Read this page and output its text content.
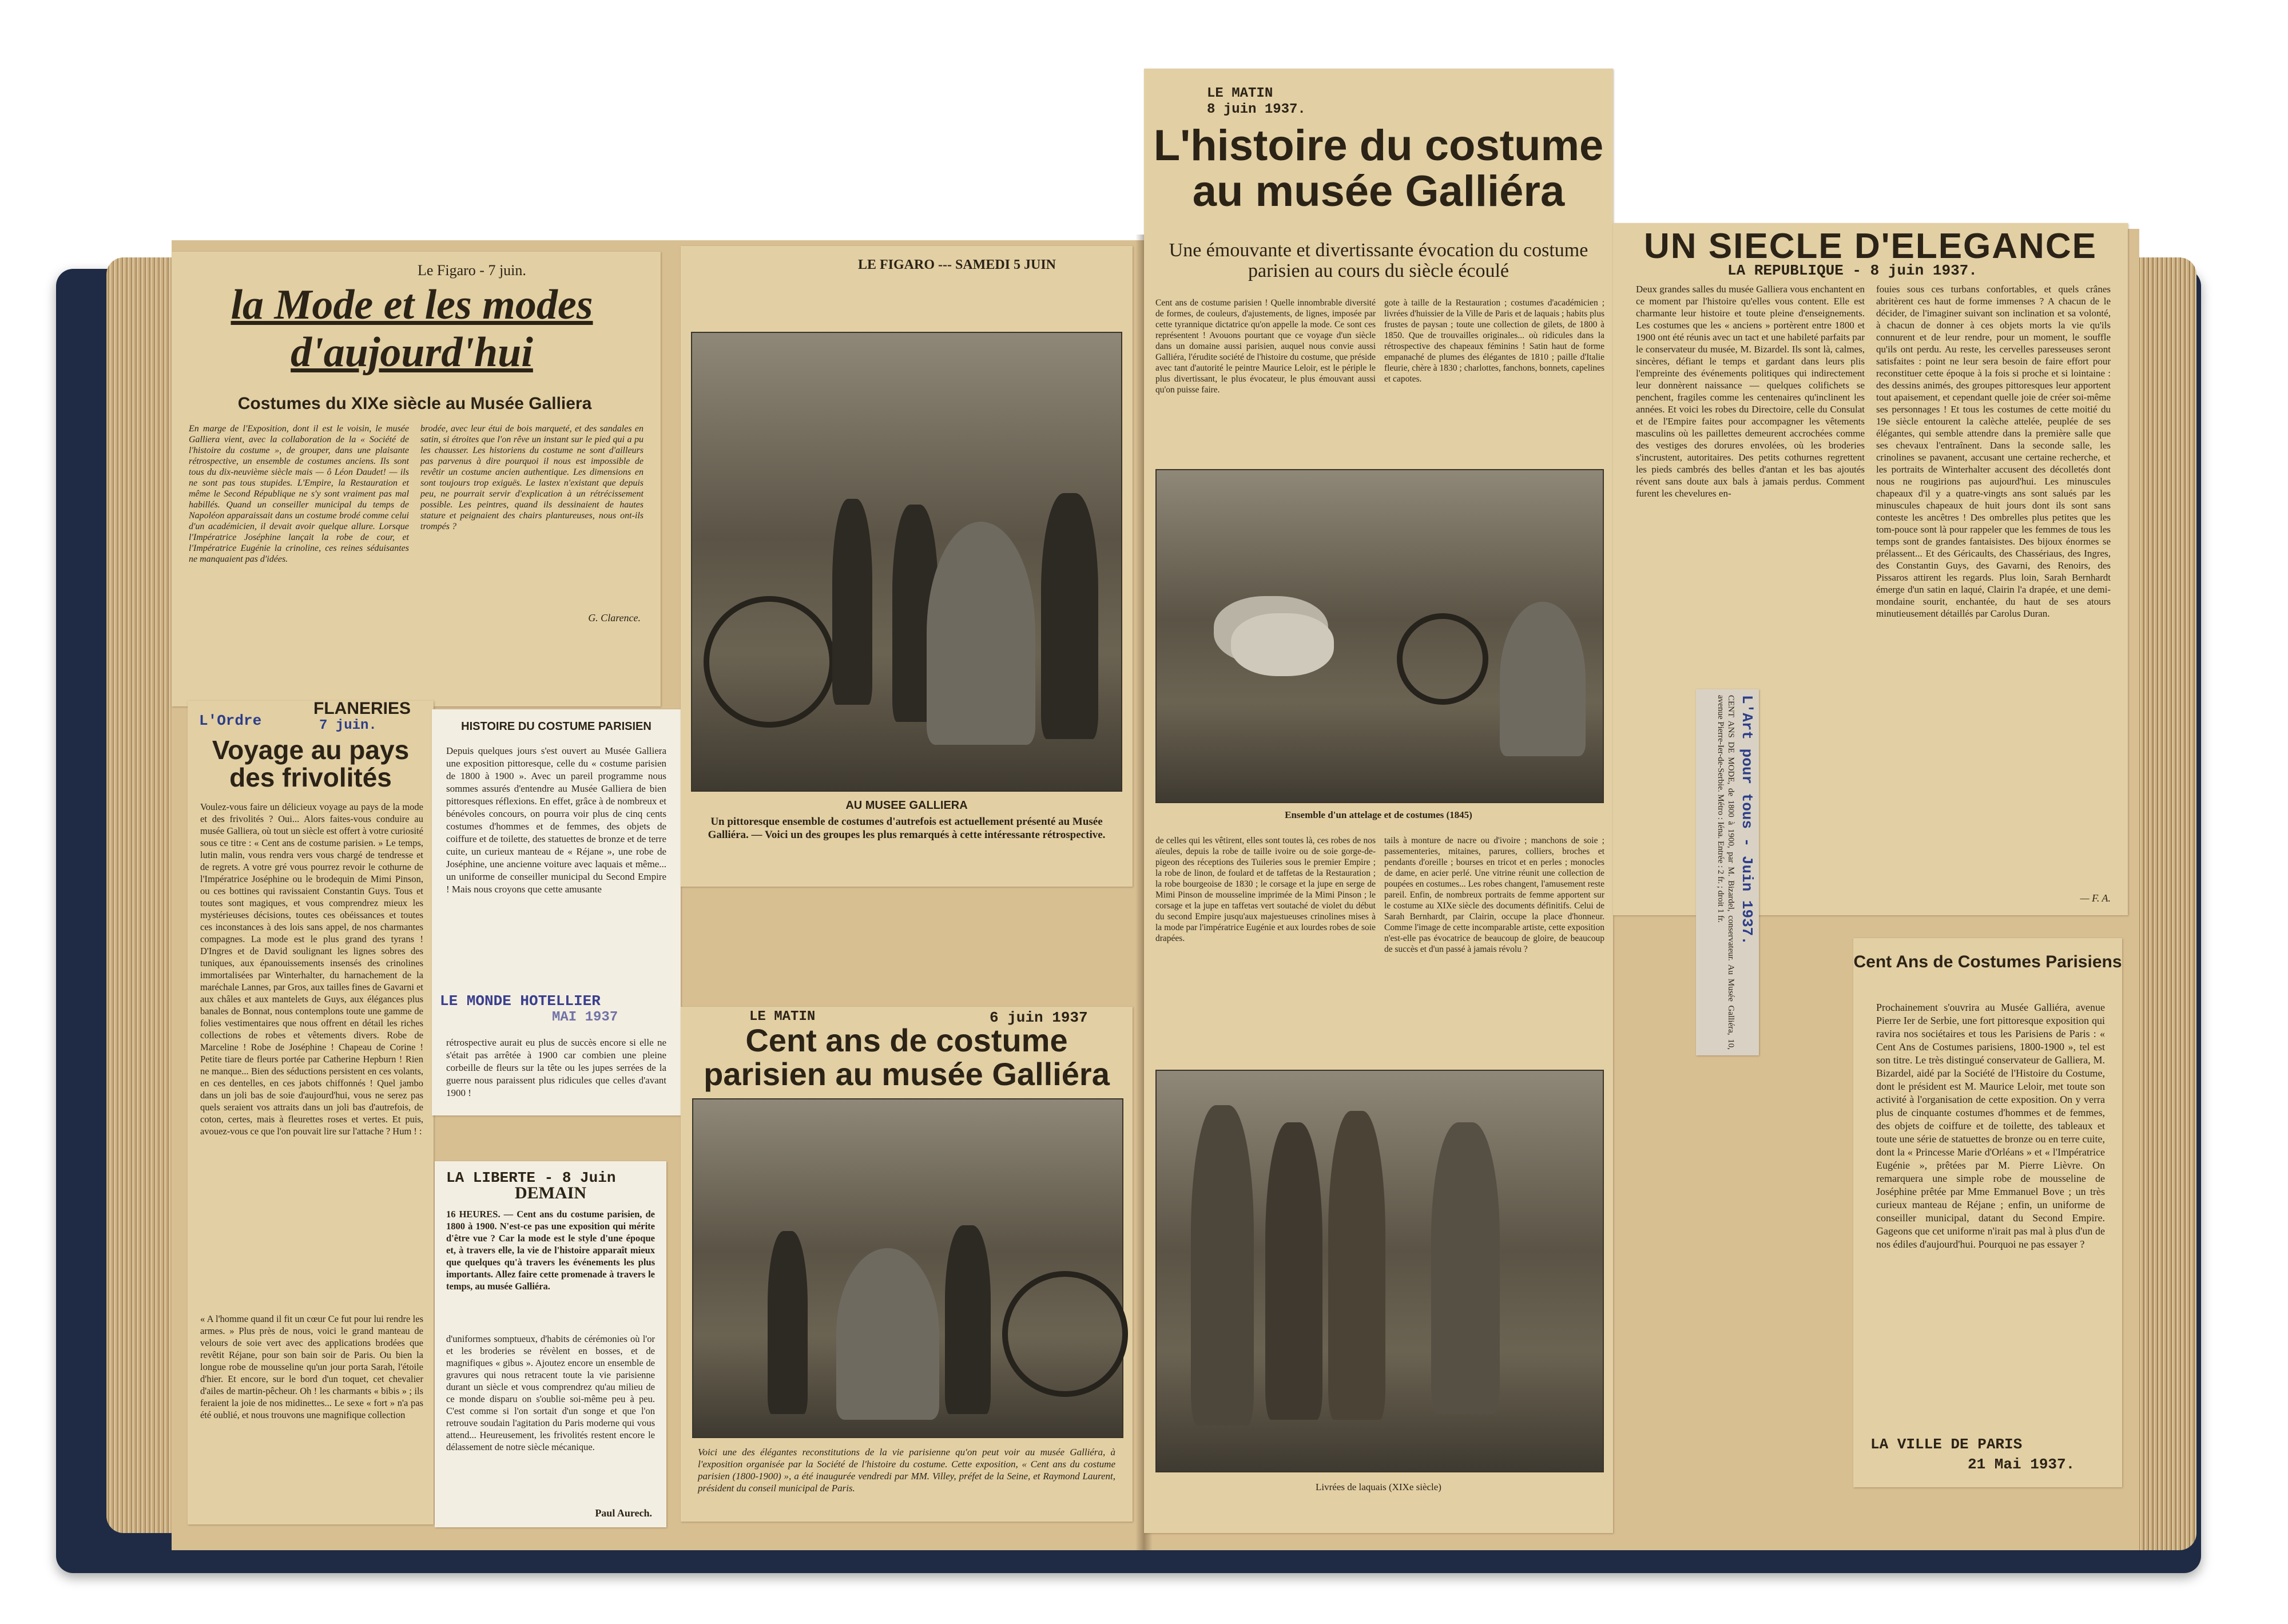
Le Figaro - 7 juin.
la Mode et les modes
d'aujourd'hui
Costumes du XIXe siècle au Musée Galliera
En marge de l'Exposition, dont il est le voisin, le musée Galliera vient, avec la collaboration de la « Société de l'histoire du costume », de grouper, dans une plaisante rétrospective, un ensemble de costumes anciens. Ils sont tous du dix-neuvième siècle mais — ô Léon Daudet! — ils ne sont pas tous stupides. L'Empire, la Restauration et même le Second République ne s'y sont vraiment pas mal habillés. Quand un conseiller municipal du temps de Napoléon apparaissait dans un costume brodé comme celui d'un académicien, il devait avoir quelque allure. Lorsque l'Impératrice Joséphine lançait la robe de cour, et l'Impératrice Eugénie la crinoline, ces reines séduisantes ne manquaient pas d'idées.
brodée, avec leur étui de bois marqueté, et des sandales en satin, si étroites que l'on rêve un instant sur le pied qui a pu les chausser. Les historiens du costume ne sont d'ailleurs pas parvenus à dire pourquoi il nous est impossible de revêtir un costume ancien authentique. Les dimensions en sont toujours trop exiguës. Le lastex n'existant que depuis peu, ne pourrait servir d'explication à un rétrécissement possible. Les peintres, quand ils dessinaient de hautes stature et peignaient des chairs plantureuses, nous ont-ils trompés ?
G. Clarence.
L'Ordre
FLANERIES
7 juin.
Voyage au pays des frivolités
Voulez-vous faire un délicieux voyage au pays de la mode et des frivolités ? Oui... Alors faites-vous conduire au musée Galliera, où tout un siècle est offert à votre curiosité sous ce titre : « Cent ans de costume parisien. » Le temps, lutin malin, vous rendra vers vous chargé de tendresse et de regrets. A votre gré vous pourrez revoir le cothurne de l'Impératrice Joséphine ou le brodequin de Mimi Pinson, ou ces bottines qui ravissaient Constantin Guys. Tous et toutes sont magiques, et vous comprendrez mieux les mystérieuses décisions, toutes ces obéissances et toutes ces inconstances à des lois sans appel, de nos charmantes compagnes. La mode est le plus grand des tyrans ! D'Ingres et de David soulignant les lignes sobres des tuniques, aux épanouissements insensés des crinolines immortalisées par Winterhalter, du harnachement de la maréchale Lannes, par Gros, aux tailles fines de Gavarni et aux châles et aux mantelets de Guys, aux élégances plus banales de Bonnat, nous contemplons toute une gamme de folies vestimentaires que nous offrent en détail les riches collections de robes et vêtements divers. Robe de Marceline ! Robe de Joséphine ! Chapeau de Corine ! Petite tiare de fleurs portée par Catherine Hepburn ! Rien ne manque... Bien des séductions persistent en ces volants, en ces dentelles, en ces jabots chiffonnés ! Quel jambo dans un joli bas de soie d'aujourd'hui, vous ne serez pas quels seraient vos attraits dans un joli bas d'autrefois, de coton, certes, mais à fleurettes roses et vertes. Et puis, avouez-vous ce que l'on pouvait lire sur l'attache ? Hum ! :
« A l'homme quand il fit un cœur Ce fut pour lui rendre les armes. » Plus près de nous, voici le grand manteau de velours de soie vert avec des applications brodées que revêtit Réjane, pour son bain soir de Paris. Ou bien la longue robe de mousseline qu'un jour porta Sarah, l'étoile d'hier. Et encore, sur le bord d'un toquet, cet chevalier d'ailes de martin-pêcheur. Oh ! les charmants « bibis » ; ils feraient la joie de nos midinettes... Le sexe « fort » n'a pas été oublié, et nous trouvons une magnifique collection
HISTOIRE DU COSTUME PARISIEN
Depuis quelques jours s'est ouvert au Musée Galliera une exposition pittoresque, celle du « costume parisien de 1800 à 1900 ». Avec un pareil programme nous sommes assurés d'entendre au Musée Galliera de bien pittoresques réflexions. En effet, grâce à de nombreux et bénévoles concours, on pourra voir plus de cinq cents costumes d'hommes et de femmes, des objets de coiffure et de toilette, des statuettes de bronze et de terre cuite, un curieux manteau de « Réjane », une robe de Joséphine, une ancienne voiture avec laquais et même... un uniforme de conseiller municipal du Second Empire ! Mais nous croyons que cette amusante
LE MONDE HOTELLIER
MAI 1937
rétrospective aurait eu plus de succès encore si elle ne s'était pas arrêtée à 1900 car combien une pleine corbeille de fleurs sur la tête ou les jupes serrées de la guerre nous paraissent plus ridicules que celles d'avant 1900 !
LE FIGARO --- SAMEDI 5 JUIN
AU MUSEE GALLIERA
Un pittoresque ensemble de costumes d'autrefois est actuellement présenté au Musée Galliéra. — Voici un des groupes les plus remarqués à cette intéressante rétrospective.
LE MATIN	6 juin 1937
Cent ans de costume parisien au musée Galliéra
Voici une des élégantes reconstitutions de la vie parisienne qu'on peut voir au musée Galliéra, à l'exposition organisée par la Société de l'histoire du costume. Cette exposition, « Cent ans du costume parisien (1800-1900) », a été inaugurée vendredi par MM. Villey, préfet de la Seine, et Raymond Laurent, président du conseil municipal de Paris.
LA LIBERTE - 8 Juin
DEMAIN
16 HEURES. — Cent ans du costume parisien, de 1800 à 1900. N'est-ce pas une exposition qui mérite d'être vue ? Car la mode est le style d'une époque et, à travers elle, la vie de l'histoire apparaît mieux que quelques qu'à travers les événements les plus importants. Allez faire cette promenade à travers le temps, au musée Galliéra.
d'uniformes somptueux, d'habits de cérémonies où l'or et les broderies se révèlent en bosses, et de magnifiques « gibus ». Ajoutez encore un ensemble de gravures qui nous retracent toute la vie parisienne durant un siècle et vous comprendrez qu'au milieu de ce monde disparu on s'oublie soi-même peu à peu. C'est comme si l'on sortait d'un songe et que l'on retrouve soudain l'agitation du Paris moderne qui vous attend... Heureusement, les frivolités restent encore le délassement de notre siècle mécanique.
Paul Aurech.
LE MATIN
8 juin 1937.
L'histoire du costume au musée Galliéra
Une émouvante et divertissante évocation du costume parisien au cours du siècle écoulé
Cent ans de costume parisien ! Quelle innombrable diversité de formes, de couleurs, d'ajustements, de lignes, imposée par cette tyrannique dictatrice qu'on appelle la mode. Ce sont ces représentent ! Avouons pourtant que ce voyage d'un siècle dans un domaine aussi parisien, auquel nous convie aussi Galliéra, l'érudite société de l'histoire du costume, que préside avec tant d'autorité le peintre Maurice Leloir, est le périple le plus divertissant, le plus évocateur, le plus émouvant aussi qu'on puisse faire.
gote à taille de la Restauration ; costumes d'académicien ; livrées d'huissier de la Ville de Paris et de laquais ; habits plus frustes de paysan ; toute une collection de gilets, de 1800 à 1850. Que de trouvailles originales... où ridicules dans la rétrospective des chapeaux féminins ! Satin haut de forme empanaché de plumes des élégantes de 1810 ; paille d'Italie fleurie, chère à 1830 ; charlottes, fanchons, bonnets, capelines et capotes.
Ensemble d'un attelage et de costumes (1845)
de celles qui les vêtirent, elles sont toutes là, ces robes de nos aïeules, depuis la robe de taille ivoire ou de soie gorge-de-pigeon des réceptions des Tuileries sous le premier Empire ; la robe de linon, de foulard et de taffetas de la Restauration ; la robe bourgeoise de 1830 ; le corsage et la jupe en serge de Mimi Pinson de mousseline imprimée de la Mimi Pinson ; le corsage et la jupe en taffetas vert soutaché de violet du début du second Empire jusqu'aux majestueuses crinolines mises à la mode par l'impératrice Eugénie et aux lourdes robes de soie drapées.
tails à monture de nacre ou d'ivoire ; manchons de soie ; passementeries, mitaines, parures, colliers, broches et pendants d'oreille ; bourses en tricot et en perles ; monocles de dame, en acier perlé. Une vitrine réunit une collection de poupées en costumes... Les robes changent, l'amusement reste pareil. Enfin, de nombreux portraits de femme apportent sur le costume au XIXe siècle des documents définitifs. Celui de Sarah Bernhardt, par Clairin, occupe la place d'honneur. Comme l'image de cette incomparable artiste, cette exposition n'est-elle pas évocatrice de beaucoup de gloire, de beaucoup de succès et d'un passé à jamais révolu ?
Livrées de laquais (XIXe siècle)
UN SIECLE D'ELEGANCE
LA REPUBLIQUE - 8 juin 1937.
Deux grandes salles du musée Galliera vous enchantent en ce moment par l'histoire qu'elles vous content. Elle est charmante leur histoire et toute pleine d'enseignements. Les costumes que les « anciens » portèrent entre 1800 et 1900 ont été réunis avec un tact et une habileté parfaits par le conservateur du musée, M. Bizardel. Ils sont là, calmes, sincères, défiant le temps et gardant dans leurs plis l'empreinte des événements politiques qui indirectement leur donnèrent naissance — quelques colifichets se penchent, fragiles comme les centenaires qu'inclinent les années. Et voici les robes du Directoire, celle du Consulat et de l'Empire faites pour accompagner les vêtements masculins où les paillettes demeurent accrochées comme des vestiges des dorures envolées, où les broderies s'incrustent, autoritaires. Des petits cothurnes regrettent les pieds cambrés des belles d'antan et les bas ajoutés révent sans doute aux bals à jamais perdus. Comment furent les chevelures en-
fouies sous ces turbans confortables, et quels crânes abritèrent ces haut de forme immenses ? A chacun de le décider, de l'imaginer suivant son inclination et sa volonté, à chacun de donner à ces objets morts la vie qu'ils connurent et de leur rendre, pour un moment, le souffle qu'ils ont perdu. Au reste, les cervelles paresseuses seront satisfaites : point ne leur sera besoin de faire effort pour reconstituer cette époque à la fois si proche et si lointaine : des dessins animés, des groupes pittoresques leur apportent tout apaisement, et cependant quelle joie de créer soi-même ses personnages ! Et tous les costumes de cette moitié du 19e siècle entourent la calèche attelée, peuplée de ses élégantes, qui semble attendre dans la première salle que ses chevaux l'entraînent. Dans la seconde salle, les crinolines se pavanent, accusant une certaine recherche, et les portraits de Winterhalter accusent des décolletés dont nous ne rougirions pas aujourd'hui. Les minuscules chapeaux d'il y a quatre-vingts ans sont salués par les minuscules chapeaux de huit jours dont ils sont sans conteste les ancêtres ! Des ombrelles plus petites que les tom-pouce sont là pour rappeler que les femmes de tous les temps sont de grandes fantaisistes. Des bijoux énormes se prélassent... Et des Géricaults, des Chassériaus, des Ingres, des Constantin Guys, des Gavarni, des Renoirs, des Pissaros attirent les regards. Plus loin, Sarah Bernhardt émerge d'un satin en laqué, Clairin l'a drapée, et une demi-mondaine sourit, enchantée, du haut de ses atours minutieusement détaillés par Carolus Duran.
— F. A.
L'Art pour tous - Juin 1937.
CENT ANS DE MODE, de 1800 à 1900, par M. Bizardel, conservateur. Au Musée Galliéra, 10, avenue Pierre-Ier-de-Serbie. Métro : Iéna. Entrée : 2 fr. ; droit 1 fr.
Cent Ans de Costumes Parisiens
Prochainement s'ouvrira au Musée Galliéra, avenue Pierre Ier de Serbie, une fort pittoresque exposition qui ravira nos sociétaires et tous les Parisiens de Paris : « Cent Ans de Costumes parisiens, 1800-1900 », tel est son titre. Le très distingué conservateur de Galliera, M. Bizardel, aidé par la Société de l'Histoire du Costume, dont le président est M. Maurice Leloir, met toute son activité à l'organisation de cette exposition. On y verra plus de cinquante costumes d'hommes et de femmes, des objets de coiffure et de toilette, des tableaux et toute une série de statuettes de bronze ou en terre cuite, dont la « Princesse Marie d'Orléans » et « l'Impératrice Eugénie », prêtées par M. Pierre Lièvre. On remarquera une simple robe de mousseline de Joséphine prêtée par Mme Emmanuel Bove ; un très curieux manteau de Réjane ; enfin, un uniforme de conseiller municipal, datant du Second Empire. Gageons que cet uniforme n'irait pas mal à plus d'un de nos édiles d'aujourd'hui. Pourquoi ne pas essayer ?
LA VILLE DE PARIS
21 Mai 1937.
